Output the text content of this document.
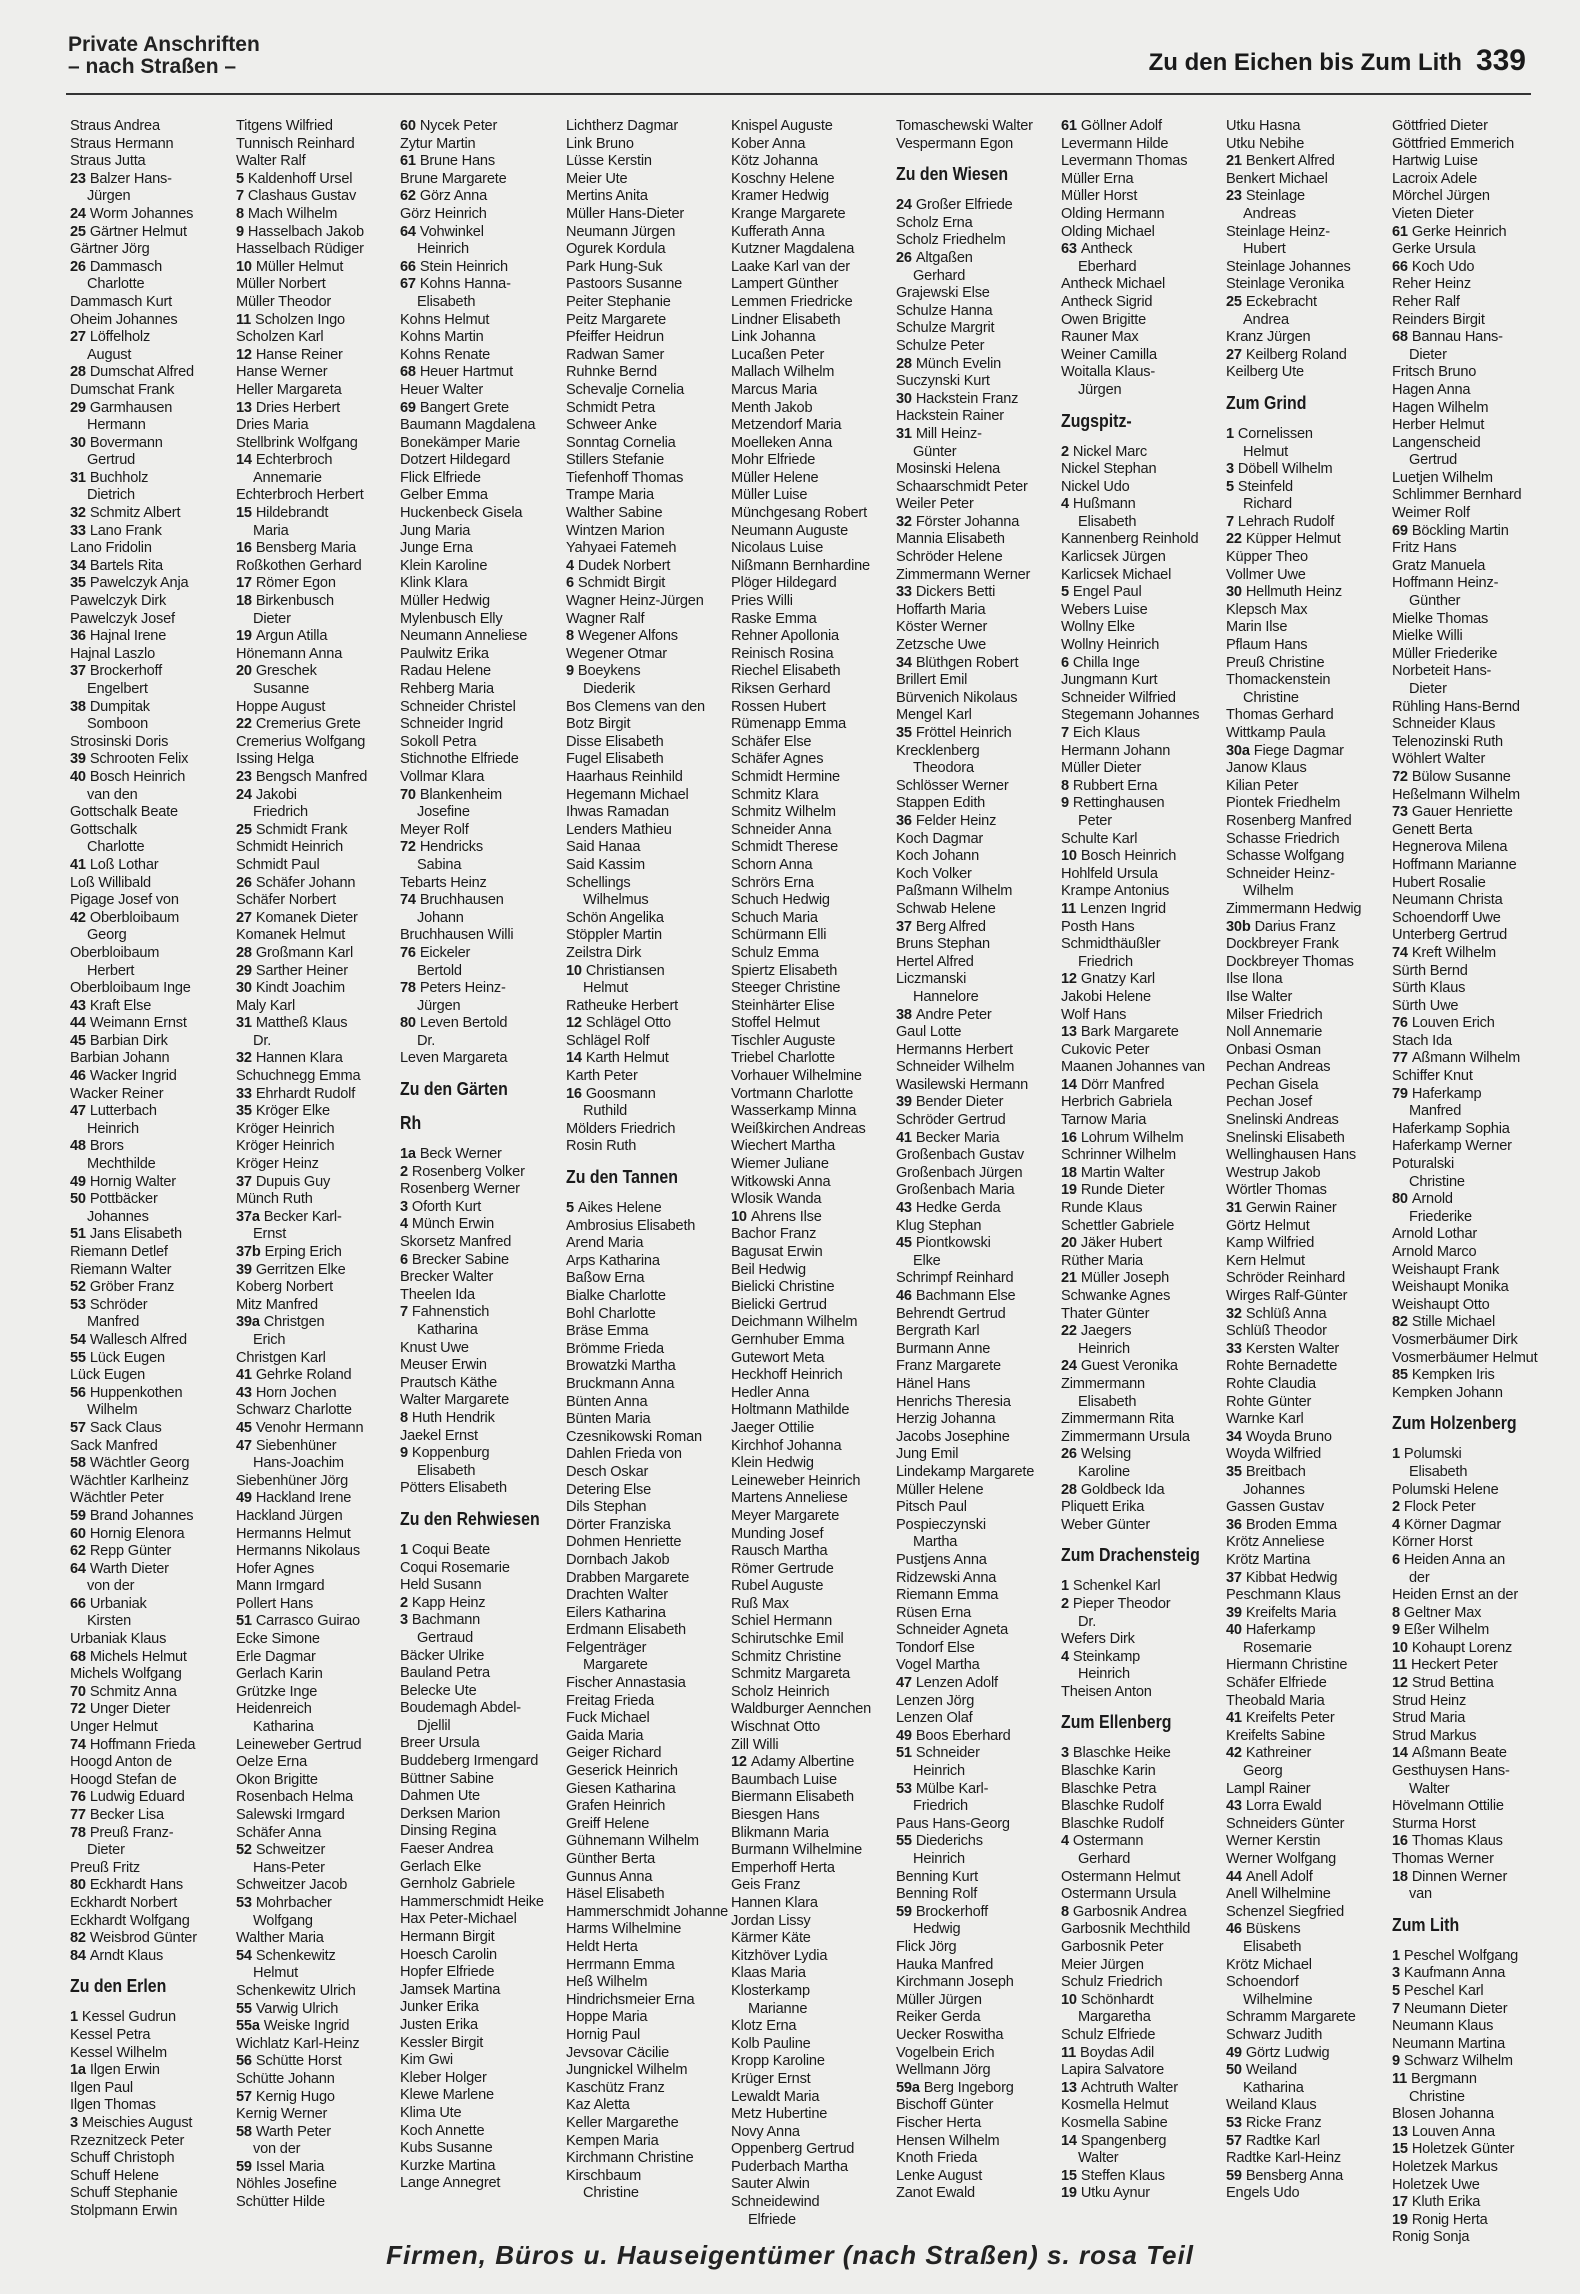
Private Anschriften
– nach Straßen –	Zu den Eichen bis Zum Lith 339
Straus Andrea
Straus Hermann
Straus Jutta
23 Balzer Hans-
Jürgen
24 Worm Johannes
25 Gärtner Helmut
Gärtner Jörg
26 Dammasch
Charlotte
Dammasch Kurt
Oheim Johannes
27 Löffelholz
August
28 Dumschat Alfred
Dumschat Frank
29 Garmhausen
Hermann
30 Bovermann
Gertrud
31 Buchholz
Dietrich
32 Schmitz Albert
33 Lano Frank
Lano Fridolin
34 Bartels Rita
35 Pawelczyk Anja
Pawelczyk Dirk
Pawelczyk Josef
36 Hajnal Irene
Hajnal Laszlo
37 Brockerhoff
Engelbert
38 Dumpitak
Somboon
Strosinski Doris
39 Schrooten Felix
40 Bosch Heinrich
van den
Gottschalk Beate
Gottschalk
Charlotte
41 Loß Lothar
Loß Willibald
Pigage Josef von
42 Oberbloibaum
Georg
Oberbloibaum
Herbert
Oberbloibaum Inge
43 Kraft Else
44 Weimann Ernst
45 Barbian Dirk
Barbian Johann
46 Wacker Ingrid
Wacker Reiner
47 Lutterbach
Heinrich
48 Brors
Mechthilde
49 Hornig Walter
50 Pottbäcker
Johannes
51 Jans Elisabeth
Riemann Detlef
Riemann Walter
52 Gröber Franz
53 Schröder
Manfred
54 Wallesch Alfred
55 Lück Eugen
Lück Eugen
56 Huppenkothen
Wilhelm
57 Sack Claus
Sack Manfred
58 Wächtler Georg
Wächtler Karlheinz
Wächtler Peter
59 Brand Johannes
60 Hornig Elenora
62 Repp Günter
64 Warth Dieter
von der
66 Urbaniak
Kirsten
Urbaniak Klaus
68 Michels Helmut
Michels Wolfgang
70 Schmitz Anna
72 Unger Dieter
Unger Helmut
74 Hoffmann Frieda
Hoogd Anton de
Hoogd Stefan de
76 Ludwig Eduard
77 Becker Lisa
78 Preuß Franz-
Dieter
Preuß Fritz
80 Eckhardt Hans
Eckhardt Norbert
Eckhardt Wolfgang
82 Weisbrod Günter
84 Arndt Klaus
Zu den Erlen
1 Kessel Gudrun
Kessel Petra
Kessel Wilhelm
1a Ilgen Erwin
Ilgen Paul
Ilgen Thomas
3 Meischies August
Rzeznitzeck Peter
Schuff Christoph
Schuff Helene
Schuff Stephanie
Stolpmann Erwin
Titgens Wilfried
Tunnisch Reinhard
Walter Ralf
5 Kaldenhoff Ursel
7 Clashaus Gustav
8 Mach Wilhelm
9 Hasselbach Jakob
Hasselbach Rüdiger
10 Müller Helmut
Müller Norbert
Müller Theodor
11 Scholzen Ingo
Scholzen Karl
12 Hanse Reiner
Hanse Werner
Heller Margareta
13 Dries Herbert
Dries Maria
Stellbrink Wolfgang
14 Echterbroch
Annemarie
Echterbroch Herbert
15 Hildebrandt
Maria
16 Bensberg Maria
Roßkothen Gerhard
17 Römer Egon
18 Birkenbusch
Dieter
19 Argun Atilla
Hönemann Anna
20 Greschek
Susanne
Hoppe August
22 Cremerius Grete
Cremerius Wolfgang
Issing Helga
23 Bengsch Manfred
24 Jakobi
Friedrich
25 Schmidt Frank
Schmidt Heinrich
Schmidt Paul
26 Schäfer Johann
Schäfer Norbert
27 Komanek Dieter
Komanek Helmut
28 Großmann Karl
29 Sarther Heiner
30 Kindt Joachim
Maly Karl
31 Mattheß Klaus
Dr.
32 Hannen Klara
Schuchnegg Emma
33 Ehrhardt Rudolf
35 Kröger Elke
Kröger Heinrich
Kröger Heinrich
Kröger Heinz
37 Dupuis Guy
Münch Ruth
37a Becker Karl-
Ernst
37b Erping Erich
39 Gerritzen Elke
Koberg Norbert
Mitz Manfred
39a Christgen
Erich
Christgen Karl
41 Gehrke Roland
43 Horn Jochen
Schwarz Charlotte
45 Venohr Hermann
47 Siebenhüner
Hans-Joachim
Siebenhüner Jörg
49 Hackland Irene
Hackland Jürgen
Hermanns Helmut
Hermanns Nikolaus
Hofer Agnes
Mann Irmgard
Pollert Hans
51 Carrasco Guirao
Ecke Simone
Erle Dagmar
Gerlach Karin
Grützke Inge
Heidenreich
Katharina
Leineweber Gertrud
Oelze Erna
Okon Brigitte
Rosenbach Helma
Salewski Irmgard
Schäfer Anna
52 Schweitzer
Hans-Peter
Schweitzer Jacob
53 Mohrbacher
Wolfgang
Walther Maria
54 Schenkewitz
Helmut
Schenkewitz Ulrich
55 Varwig Ulrich
55a Weiske Ingrid
Wichlatz Karl-Heinz
56 Schütte Horst
Schütte Johann
57 Kernig Hugo
Kernig Werner
58 Warth Peter
von der
59 Issel Maria
Nöhles Josefine
Schütter Hilde
60 Nycek Peter
Zytur Martin
61 Brune Hans
Brune Margarete
62 Görz Anna
Görz Heinrich
64 Vohwinkel
Heinrich
66 Stein Heinrich
67 Kohns Hanna-
Elisabeth
Kohns Helmut
Kohns Martin
Kohns Renate
68 Heuer Hartmut
Heuer Walter
69 Bangert Grete
Baumann Magdalena
Bonekämper Marie
Dotzert Hildegard
Flick Elfriede
Gelber Emma
Huckenbeck Gisela
Jung Maria
Junge Erna
Klein Karoline
Klink Klara
Müller Hedwig
Mylenbusch Elly
Neumann Anneliese
Paulwitz Erika
Radau Helene
Rehberg Maria
Schneider Christel
Schneider Ingrid
Sokoll Petra
Stichnothe Elfriede
Vollmar Klara
70 Blankenheim
Josefine
Meyer Rolf
72 Hendricks
Sabina
Tebarts Heinz
74 Bruchhausen
Johann
Bruchhausen Willi
76 Eickeler
Bertold
78 Peters Heinz-
Jürgen
80 Leven Bertold
Dr.
Leven Margareta
Zu den Gärten
Rh
1a Beck Werner
2 Rosenberg Volker
Rosenberg Werner
3 Oforth Kurt
4 Münch Erwin
Skorsetz Manfred
6 Brecker Sabine
Brecker Walter
Theelen Ida
7 Fahnenstich
Katharina
Knust Uwe
Meuser Erwin
Prautsch Käthe
Walter Margarete
8 Huth Hendrik
Jaekel Ernst
9 Koppenburg
Elisabeth
Pötters Elisabeth
Zu den Rehwiesen
1 Coqui Beate
Coqui Rosemarie
Held Susann
2 Kapp Heinz
3 Bachmann
Gertraud
Bäcker Ulrike
Bauland Petra
Belecke Ute
Boudemagh Abdel-
Djellil
Breer Ursula
Buddeberg Irmengard
Büttner Sabine
Dahmen Ute
Derksen Marion
Dinsing Regina
Faeser Andrea
Gerlach Elke
Gernholz Gabriele
Hammerschmidt Heike
Hax Peter-Michael
Hermann Birgit
Hoesch Carolin
Hopfer Elfriede
Jamsek Martina
Junker Erika
Justen Erika
Kessler Birgit
Kim Gwi
Kleber Holger
Klewe Marlene
Klima Ute
Koch Annette
Kubs Susanne
Kurzke Martina
Lange Annegret
Lichtherz Dagmar
Link Bruno
Lüsse Kerstin
Meier Ute
Mertins Anita
Müller Hans-Dieter
Neumann Jürgen
Ogurek Kordula
Park Hung-Suk
Pastoors Susanne
Peiter Stephanie
Peitz Margarete
Pfeiffer Heidrun
Radwan Samer
Ruhnke Bernd
Schevalje Cornelia
Schmidt Petra
Schweer Anke
Sonntag Cornelia
Stillers Stefanie
Tiefenhoff Thomas
Trampe Maria
Walther Sabine
Wintzen Marion
Yahyaei Fatemeh
4 Dudek Norbert
6 Schmidt Birgit
Wagner Heinz-Jürgen
Wagner Ralf
8 Wegener Alfons
Wegener Otmar
9 Boeykens
Diederik
Bos Clemens van den
Botz Birgit
Disse Elisabeth
Fugel Elisabeth
Haarhaus Reinhild
Hegemann Michael
Ihwas Ramadan
Lenders Mathieu
Said Hanaa
Said Kassim
Schellings
Wilhelmus
Schön Angelika
Stöppler Martin
Zeilstra Dirk
10 Christiansen
Helmut
Ratheuke Herbert
12 Schlägel Otto
Schlägel Rolf
14 Karth Helmut
Karth Peter
16 Goosmann
Ruthild
Mölders Friedrich
Rosin Ruth
Zu den Tannen
5 Aikes Helene
Ambrosius Elisabeth
Arend Maria
Arps Katharina
Baßow Erna
Bialke Charlotte
Bohl Charlotte
Bräse Emma
Brömme Frieda
Browatzki Martha
Bruckmann Anna
Bünten Anna
Bünten Maria
Czesnikowski Roman
Dahlen Frieda von
Desch Oskar
Detering Else
Dils Stephan
Dörter Franziska
Dohmen Henriette
Dornbach Jakob
Drabben Margarete
Drachten Walter
Eilers Katharina
Erdmann Elisabeth
Felgenträger
Margarete
Fischer Annastasia
Freitag Frieda
Fuck Michael
Gaida Maria
Geiger Richard
Geserick Heinrich
Giesen Katharina
Grafen Heinrich
Greiff Helene
Gühnemann Wilhelm
Günther Berta
Gunnus Anna
Häsel Elisabeth
Hammerschmidt Johanne
Harms Wilhelmine
Heldt Herta
Herrmann Emma
Heß Wilhelm
Hindrichsmeier Erna
Hoppe Maria
Hornig Paul
Jevsovar Cäcilie
Jungnickel Wilhelm
Kaschütz Franz
Kaz Aletta
Keller Margarethe
Kempen Maria
Kirchmann Christine
Kirschbaum
Christine
Knispel Auguste
Kober Anna
Kötz Johanna
Koschny Helene
Kramer Hedwig
Krange Margarete
Kufferath Anna
Kutzner Magdalena
Laake Karl van der
Lampert Günther
Lemmen Friedricke
Lindner Elisabeth
Link Johanna
Lucaßen Peter
Mallach Wilhelm
Marcus Maria
Menth Jakob
Metzendorf Maria
Moelleken Anna
Mohr Elfriede
Müller Helene
Müller Luise
Münchgesang Robert
Neumann Auguste
Nicolaus Luise
Nißmann Bernhardine
Plöger Hildegard
Pries Willi
Raske Emma
Rehner Apollonia
Reinisch Rosina
Riechel Elisabeth
Riksen Gerhard
Rossen Hubert
Rümenapp Emma
Schäfer Else
Schäfer Agnes
Schmidt Hermine
Schmitz Klara
Schmitz Wilhelm
Schneider Anna
Schmidt Therese
Schorn Anna
Schrörs Erna
Schuch Hedwig
Schuch Maria
Schürmann Elli
Schulz Emma
Spiertz Elisabeth
Steeger Christine
Steinhärter Elise
Stoffel Helmut
Tischler Auguste
Triebel Charlotte
Vorhauer Wilhelmine
Vortmann Charlotte
Wasserkamp Minna
Weißkirchen Andreas
Wiechert Martha
Wiemer Juliane
Witkowski Anna
Wlosik Wanda
10 Ahrens Ilse
Bachor Franz
Bagusat Erwin
Beil Hedwig
Bielicki Christine
Bielicki Gertrud
Deichmann Wilhelm
Gernhuber Emma
Gutewort Meta
Heckhoff Heinrich
Hedler Anna
Holtmann Mathilde
Jaeger Ottilie
Kirchhof Johanna
Klein Hedwig
Leineweber Heinrich
Martens Anneliese
Meyer Margarete
Munding Josef
Rausch Martha
Römer Gertrude
Rubel Auguste
Ruß Max
Schiel Hermann
Schirutschke Emil
Schmitz Christine
Schmitz Margareta
Scholz Heinrich
Waldburger Aennchen
Wischnat Otto
Zill Willi
12 Adamy Albertine
Baumbach Luise
Biermann Elisabeth
Biesgen Hans
Blikmann Maria
Burmann Wilhelmine
Emperhoff Herta
Geis Franz
Hannen Klara
Jordan Lissy
Kärmer Käte
Kitzhöver Lydia
Klaas Maria
Klosterkamp
Marianne
Klotz Erna
Kolb Pauline
Kropp Karoline
Krüger Ernst
Lewaldt Maria
Metz Hubertine
Novy Anna
Oppenberg Gertrud
Puderbach Martha
Sauter Alwin
Schneidewind
Elfriede
Tomaschewski Walter
Vespermann Egon
Zu den Wiesen
24 Großer Elfriede
Scholz Erna
Scholz Friedhelm
26 Altgaßen
Gerhard
Grajewski Else
Schulze Hanna
Schulze Margrit
Schulze Peter
28 Münch Evelin
Suczynski Kurt
30 Hackstein Franz
Hackstein Rainer
31 Mill Heinz-
Günter
Mosinski Helena
Schaarschmidt Peter
Weiler Peter
32 Förster Johanna
Mannia Elisabeth
Schröder Helene
Zimmermann Werner
33 Dickers Betti
Hoffarth Maria
Köster Werner
Zetzsche Uwe
34 Blüthgen Robert
Brillert Emil
Bürvenich Nikolaus
Mengel Karl
35 Fröttel Heinrich
Krecklenberg
Theodora
Schlösser Werner
Stappen Edith
36 Felder Heinz
Koch Dagmar
Koch Johann
Koch Volker
Paßmann Wilhelm
Schwab Helene
37 Berg Alfred
Bruns Stephan
Hertel Alfred
Liczmanski
Hannelore
38 Andre Peter
Gaul Lotte
Hermanns Herbert
Schneider Wilhelm
Wasilewski Hermann
39 Bender Dieter
Schröder Gertrud
41 Becker Maria
Großenbach Gustav
Großenbach Jürgen
Großenbach Maria
43 Hedke Gerda
Klug Stephan
45 Piontkowski
Elke
Schrimpf Reinhard
46 Bachmann Else
Behrendt Gertrud
Bergrath Karl
Burmann Anne
Franz Margarete
Hänel Hans
Henrichs Theresia
Herzig Johanna
Jacobs Josephine
Jung Emil
Lindekamp Margarete
Müller Helene
Pitsch Paul
Pospieczynski
Martha
Pustjens Anna
Ridzewski Anna
Riemann Emma
Rüsen Erna
Schneider Agneta
Tondorf Else
Vogel Martha
47 Lenzen Adolf
Lenzen Jörg
Lenzen Olaf
49 Boos Eberhard
51 Schneider
Heinrich
53 Mülbe Karl-
Friedrich
Paus Hans-Georg
55 Diederichs
Heinrich
Benning Kurt
Benning Rolf
59 Brockerhoff
Hedwig
Flick Jörg
Hauka Manfred
Kirchmann Joseph
Müller Jürgen
Reiker Gerda
Uecker Roswitha
Vogelbein Erich
Wellmann Jörg
59a Berg Ingeborg
Bischoff Günter
Fischer Herta
Hensen Wilhelm
Knoth Frieda
Lenke August
Zanot Ewald
61 Göllner Adolf
Levermann Hilde
Levermann Thomas
Müller Erna
Müller Horst
Olding Hermann
Olding Michael
63 Antheck
Eberhard
Antheck Michael
Antheck Sigrid
Owen Brigitte
Rauner Max
Weiner Camilla
Woitalla Klaus-
Jürgen
Zugspitz-
2 Nickel Marc
Nickel Stephan
Nickel Udo
4 Hußmann
Elisabeth
Kannenberg Reinhold
Karlicsek Jürgen
Karlicsek Michael
5 Engel Paul
Webers Luise
Wollny Elke
Wollny Heinrich
6 Chilla Inge
Jungmann Kurt
Schneider Wilfried
Stegemann Johannes
7 Eich Klaus
Hermann Johann
Müller Dieter
8 Rubbert Erna
9 Rettinghausen
Peter
Schulte Karl
10 Bosch Heinrich
Hohlfeld Ursula
Krampe Antonius
11 Lenzen Ingrid
Posth Hans
Schmidthäußler
Friedrich
12 Gnatzy Karl
Jakobi Helene
Wolf Hans
13 Bark Margarete
Cukovic Peter
Maanen Johannes van
14 Dörr Manfred
Herbrich Gabriela
Tarnow Maria
16 Lohrum Wilhelm
Schrinner Wilhelm
18 Martin Walter
19 Runde Dieter
Runde Klaus
Schettler Gabriele
20 Jäker Hubert
Rüther Maria
21 Müller Joseph
Schwanke Agnes
Thater Günter
22 Jaegers
Heinrich
24 Guest Veronika
Zimmermann
Elisabeth
Zimmermann Rita
Zimmermann Ursula
26 Welsing
Karoline
28 Goldbeck Ida
Pliquett Erika
Weber Günter
Zum Drachensteig
1 Schenkel Karl
2 Pieper Theodor
Dr.
Wefers Dirk
4 Steinkamp
Heinrich
Theisen Anton
Zum Ellenberg
3 Blaschke Heike
Blaschke Karin
Blaschke Petra
Blaschke Rudolf
Blaschke Rudolf
4 Ostermann
Gerhard
Ostermann Helmut
Ostermann Ursula
8 Garbosnik Andrea
Garbosnik Mechthild
Garbosnik Peter
Meier Jürgen
Schulz Friedrich
10 Schönhardt
Margaretha
Schulz Elfriede
11 Boydas Adil
Lapira Salvatore
13 Achtruth Walter
Kosmella Helmut
Kosmella Sabine
14 Spangenberg
Walter
15 Steffen Klaus
19 Utku Aynur
Utku Hasna
Utku Nebihe
21 Benkert Alfred
Benkert Michael
23 Steinlage
Andreas
Steinlage Heinz-
Hubert
Steinlage Johannes
Steinlage Veronika
25 Eckebracht
Andrea
Kranz Jürgen
27 Keilberg Roland
Keilberg Ute
Zum Grind
1 Cornelissen
Helmut
3 Döbell Wilhelm
5 Steinfeld
Richard
7 Lehrach Rudolf
22 Küpper Helmut
Küpper Theo
Vollmer Uwe
30 Hellmuth Heinz
Klepsch Max
Marin Ilse
Pflaum Hans
Preuß Christine
Thomackenstein
Christine
Thomas Gerhard
Wittkamp Paula
30a Fiege Dagmar
Janow Klaus
Kilian Peter
Piontek Friedhelm
Rosenberg Manfred
Schasse Friedrich
Schasse Wolfgang
Schneider Heinz-
Wilhelm
Zimmermann Hedwig
30b Darius Franz
Dockbreyer Frank
Dockbreyer Thomas
Ilse Ilona
Ilse Walter
Milser Friedrich
Noll Annemarie
Onbasi Osman
Pechan Andreas
Pechan Gisela
Pechan Josef
Snelinski Andreas
Snelinski Elisabeth
Wellinghausen Hans
Westrup Jakob
Wörtler Thomas
31 Gerwin Rainer
Görtz Helmut
Kamp Wilfried
Kern Helmut
Schröder Reinhard
Wirges Ralf-Günter
32 Schlüß Anna
Schlüß Theodor
33 Kersten Walter
Rohte Bernadette
Rohte Claudia
Rohte Günter
Warnke Karl
34 Woyda Bruno
Woyda Wilfried
35 Breitbach
Johannes
Gassen Gustav
36 Broden Emma
Krötz Anneliese
Krötz Martina
37 Kibbat Hedwig
Peschmann Klaus
39 Kreifelts Maria
40 Haferkamp
Rosemarie
Hiermann Christine
Schäfer Elfriede
Theobald Maria
41 Kreifelts Peter
Kreifelts Sabine
42 Kathreiner
Georg
Lampl Rainer
43 Lorra Ewald
Schneiders Günter
Werner Kerstin
Werner Wolfgang
44 Anell Adolf
Anell Wilhelmine
Schenzel Siegfried
46 Büskens
Elisabeth
Krötz Michael
Schoendorf
Wilhelmine
Schramm Margarete
Schwarz Judith
49 Görtz Ludwig
50 Weiland
Katharina
Weiland Klaus
53 Ricke Franz
57 Radtke Karl
Radtke Karl-Heinz
59 Bensberg Anna
Engels Udo
Göttfried Dieter
Göttfried Emmerich
Hartwig Luise
Lacroix Adele
Mörchel Jürgen
Vieten Dieter
61 Gerke Heinrich
Gerke Ursula
66 Koch Udo
Reher Heinz
Reher Ralf
Reinders Birgit
68 Bannau Hans-
Dieter
Fritsch Bruno
Hagen Anna
Hagen Wilhelm
Herber Helmut
Langenscheid
Gertrud
Luetjen Wilhelm
Schlimmer Bernhard
Weimer Rolf
69 Böckling Martin
Fritz Hans
Gratz Manuela
Hoffmann Heinz-
Günther
Mielke Thomas
Mielke Willi
Müller Friederike
Norbeteit Hans-
Dieter
Rühling Hans-Bernd
Schneider Klaus
Telenozinski Ruth
Wöhlert Walter
72 Bülow Susanne
Heßelmann Wilhelm
73 Gauer Henriette
Genett Berta
Hegnerova Milena
Hoffmann Marianne
Hubert Rosalie
Neumann Christa
Schoendorff Uwe
Unterberg Gertrud
74 Kreft Wilhelm
Sürth Bernd
Sürth Klaus
Sürth Uwe
76 Louven Erich
Stach Ida
77 Aßmann Wilhelm
Schiffer Knut
79 Haferkamp
Manfred
Haferkamp Sophia
Haferkamp Werner
Poturalski
Christine
80 Arnold
Friederike
Arnold Lothar
Arnold Marco
Weishaupt Frank
Weishaupt Monika
Weishaupt Otto
82 Stille Michael
Vosmerbäumer Dirk
Vosmerbäumer Helmut
85 Kempken Iris
Kempken Johann
Zum Holzenberg
1 Polumski
Elisabeth
Polumski Helene
2 Flock Peter
4 Körner Dagmar
Körner Horst
6 Heiden Anna an
der
Heiden Ernst an der
8 Geltner Max
9 Eßer Wilhelm
10 Kohaupt Lorenz
11 Heckert Peter
12 Strud Bettina
Strud Heinz
Strud Maria
Strud Markus
14 Aßmann Beate
Gesthuysen Hans-
Walter
Hövelmann Ottilie
Sturma Horst
16 Thomas Klaus
Thomas Werner
18 Dinnen Werner
van
Zum Lith
1 Peschel Wolfgang
3 Kaufmann Anna
5 Peschel Karl
7 Neumann Dieter
Neumann Klaus
Neumann Martina
9 Schwarz Wilhelm
11 Bergmann
Christine
Blosen Johanna
13 Louven Anna
15 Holetzek Günter
Holetzek Markus
Holetzek Uwe
17 Kluth Erika
19 Ronig Herta
Ronig Sonja
Firmen, Büros u. Hauseigentümer (nach Straßen) s. rosa Teil
